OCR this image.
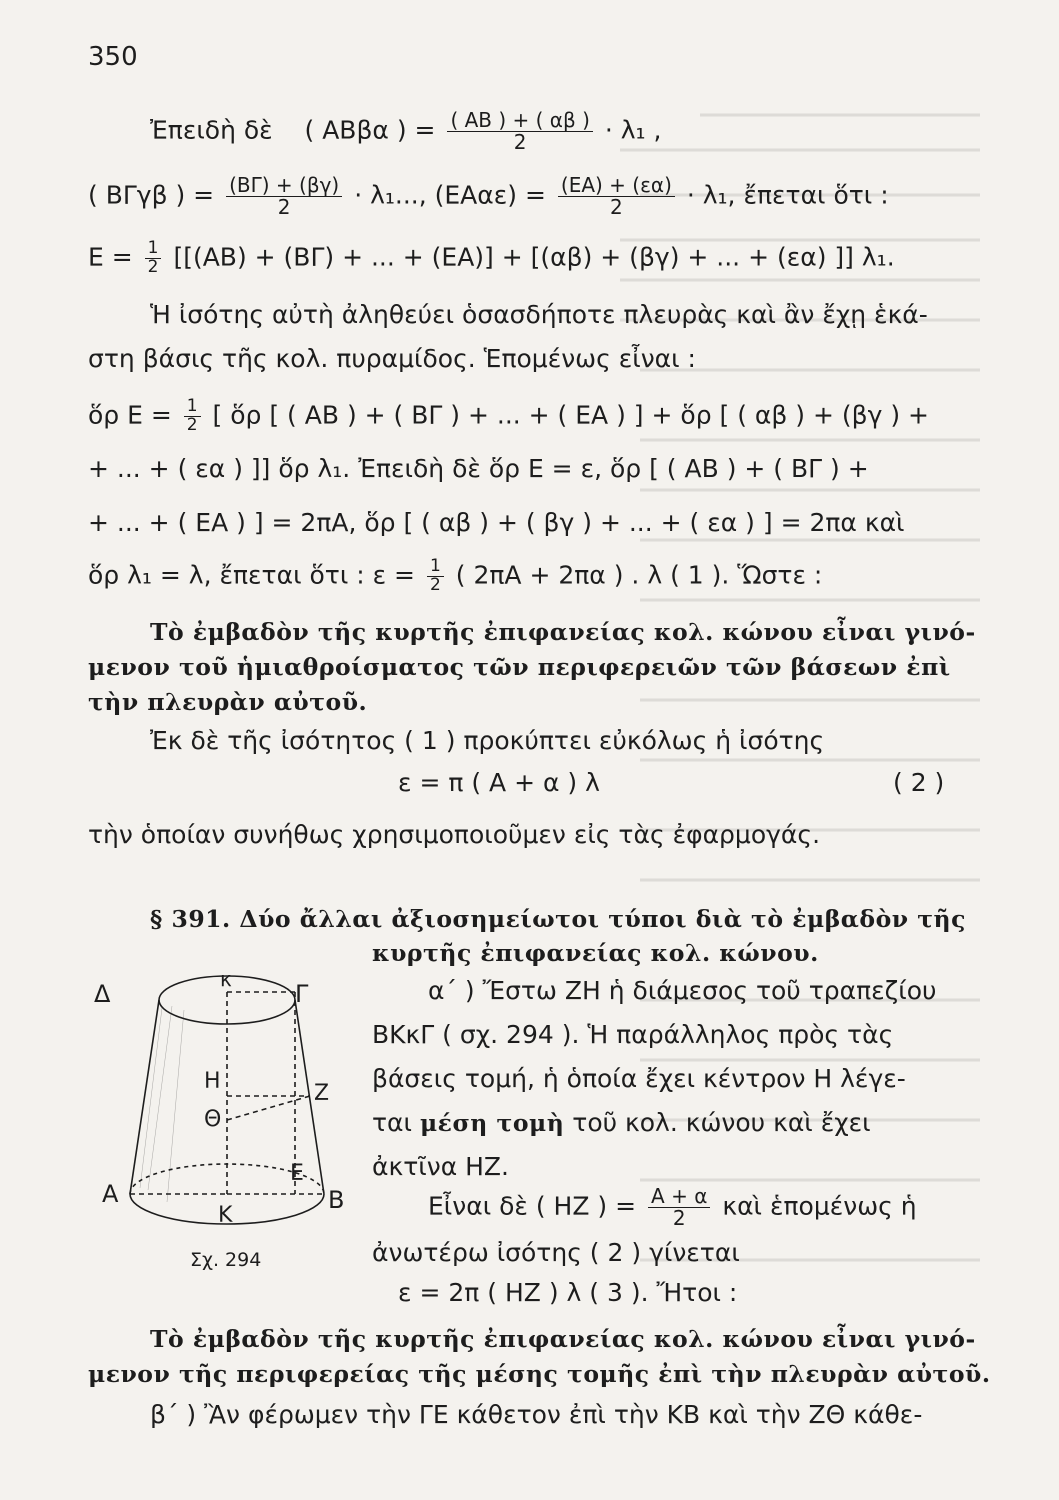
350
Ἐπειδὴ δὲ ( ΑΒβα ) = $\frac{( AB ) + ( \alpha\beta )}{2} \cdot \lambda_1$ ,
( ΒΓγβ ) = $\frac{(B\Gamma) + (\beta\gamma)}{2} \cdot \lambda_1$..., $(EA\alpha\varepsilon) = \frac{(EA) + (\varepsilon\alpha)}{2} \cdot \lambda_1$, ἔπεται ὅτι :
$E = \frac{1}{2} [[(AB) + (B\Gamma)$ + ... + (ΕΑ)] + [(αβ) + (βγ) + ... + (εα) ]] λ₁.
Ἡ ἰσότης αὐτὴ ἀληθεύει ὁσασδήποτε πλευρὰς καὶ ἂν ἔχῃ ἑκά-
στη βάσις τῆς κολ. πυραμίδος. Ἑπομένως εἶναι :
ὅρ $E = \frac{1}{2}$ [ ὅρ [ ( ΑΒ ) + ( ΒΓ ) + ... + ( ΕΑ ) ] + ὅρ [ ( αβ ) + (βγ ) +
+ ... + ( εα ) ]] ὅρ λ₁. Ἐπειδὴ δὲ ὅρ Ε = ε, ὅρ [ ( ΑΒ ) + ( ΒΓ ) +
+ ... + ( ΕΑ ) ] = 2πΑ, ὅρ [ ( αβ ) + ( βγ ) + ... + ( εα ) ] = 2πα καὶ
ὅρ λ₁ = λ, ἔπεται ὅτι : $\varepsilon = \frac{1}{2}$ ( 2πΑ + 2πα ) . λ ( 1 ). Ὥστε :
Τὸ ἐμβαδὸν τῆς κυρτῆς ἐπιφανείας κολ. κώνου εἶναι γινό-
μενον τοῦ ἡμιαθροίσματος τῶν περιφερειῶν τῶν βάσεων ἐπὶ
τὴν πλευρὰν αὐτοῦ.
Ἐκ δὲ τῆς ἰσότητος ( 1 ) προκύπτει εὐκόλως ἡ ἰσότης
ε = π ( Α + α ) λ	( 2 )
τὴν ὁποίαν συνήθως χρησιμοποιοῦμεν εἰς τὰς ἐφαρμογάς.
§ 391. Δύο ἄλλαι ἀξιοσημείωτοι τύποι διὰ τὸ ἐμβαδὸν τῆς
κυρτῆς ἐπιφανείας κολ. κώνου.
α΄ ) Ἔστω ΖΗ ἡ διάμεσος τοῦ τραπεζίου
ΒΚκΓ ( σχ. 294 ). Ἡ παράλληλος πρὸς τὰς
βάσεις τομή, ἡ ὁποία ἔχει κέντρον Η λέγε-
ται μέση τομὴ τοῦ κολ. κώνου καὶ ἔχει
ἀκτῖνα ΗΖ.
Εἶναι δὲ ( ΗΖ ) = $\frac{A + \alpha}{2}$ καὶ ἑπομένως ἡ
ἀνωτέρω ἰσότης ( 2 ) γίνεται
ε = 2π ( ΗΖ ) λ ( 3 ). Ἤτοι :
Δ
κ
Γ
Η
Θ
Ζ
Ε
Α
Κ
Β
Σχ. 294
Τὸ ἐμβαδὸν τῆς κυρτῆς ἐπιφανείας κολ. κώνου εἶναι γινό-
μενον τῆς περιφερείας τῆς μέσης τομῆς ἐπὶ τὴν πλευρὰν αὐτοῦ.
β΄ ) Ἂν φέρωμεν τὴν ΓΕ κάθετον ἐπὶ τὴν ΚΒ καὶ τὴν ΖΘ κάθε-
